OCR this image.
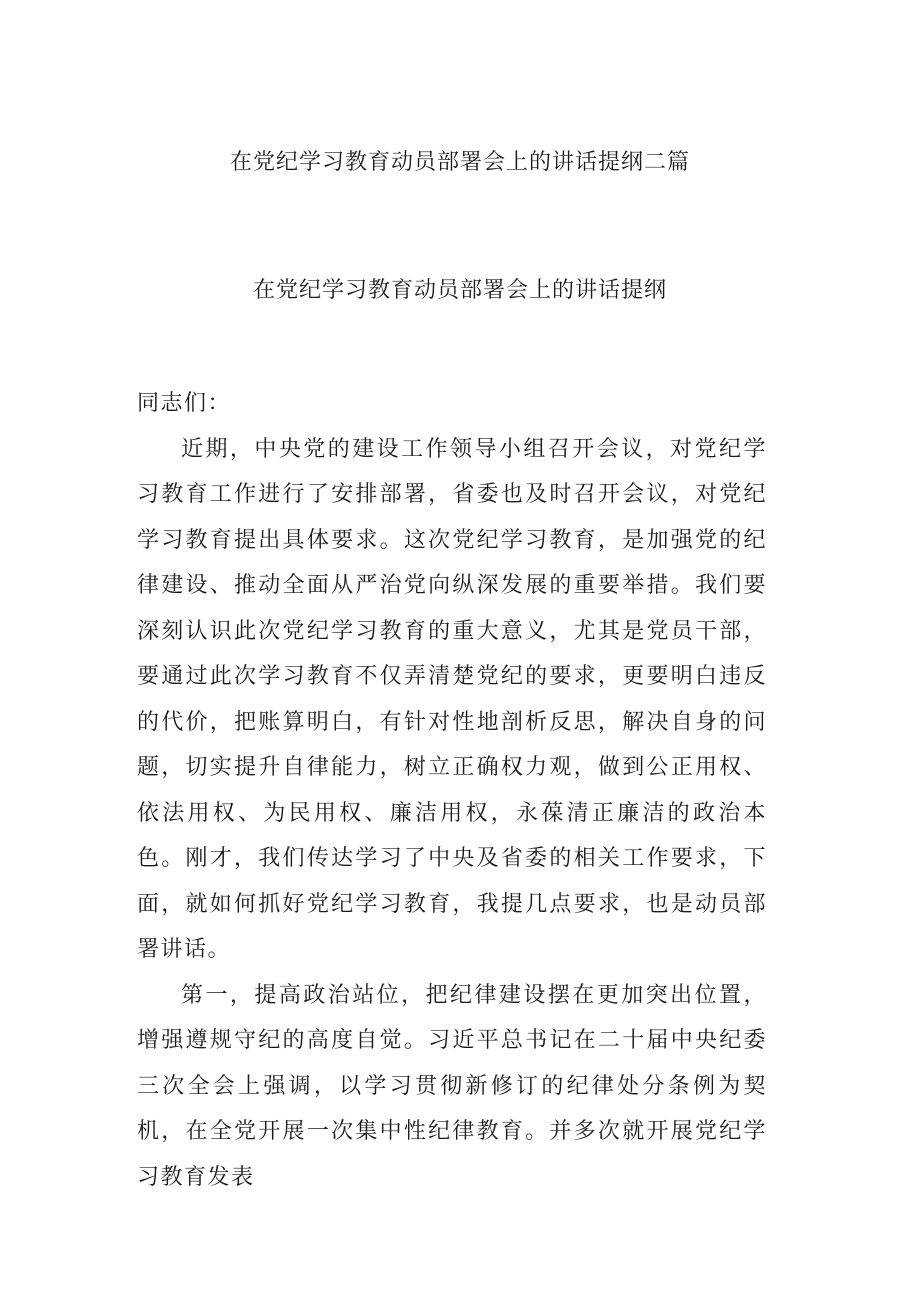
在党纪学习教育动员部署会上的讲话提纲二篇
在党纪学习教育动员部署会上的讲话提纲

同志们：

近期，中央党的建设工作领导小组召开会议，对党纪学习教育工作进行了安排部署，省委也及时召开会议，对党纪学习教育提出具体要求。这次党纪学习教育，是加强党的纪律建设、推动全面从严治党向纵深发展的重要举措。我们要深刻认识此次党纪学习教育的重大意义，尤其是党员干部，要通过此次学习教育不仅弄清楚党纪的要求，更要明白违反的代价，把账算明白，有针对性地剖析反思，解决自身的问题，切实提升自律能力，树立正确权力观，做到公正用权、依法用权、为民用权、廉洁用权，永葆清正廉洁的政治本色。刚才，我们传达学习了中央及省委的相关工作要求，下面，就如何抓好党纪学习教育，我提几点要求，也是动员部署讲话。

第一，提高政治站位，把纪律建设摆在更加突出位置，增强遵规守纪的高度自觉。习近平总书记在二十届中央纪委三次全会上强调，以学习贯彻新修订的纪律处分条例为契机，在全党开展一次集中性纪律教育。并多次就开展党纪学习教育发表
